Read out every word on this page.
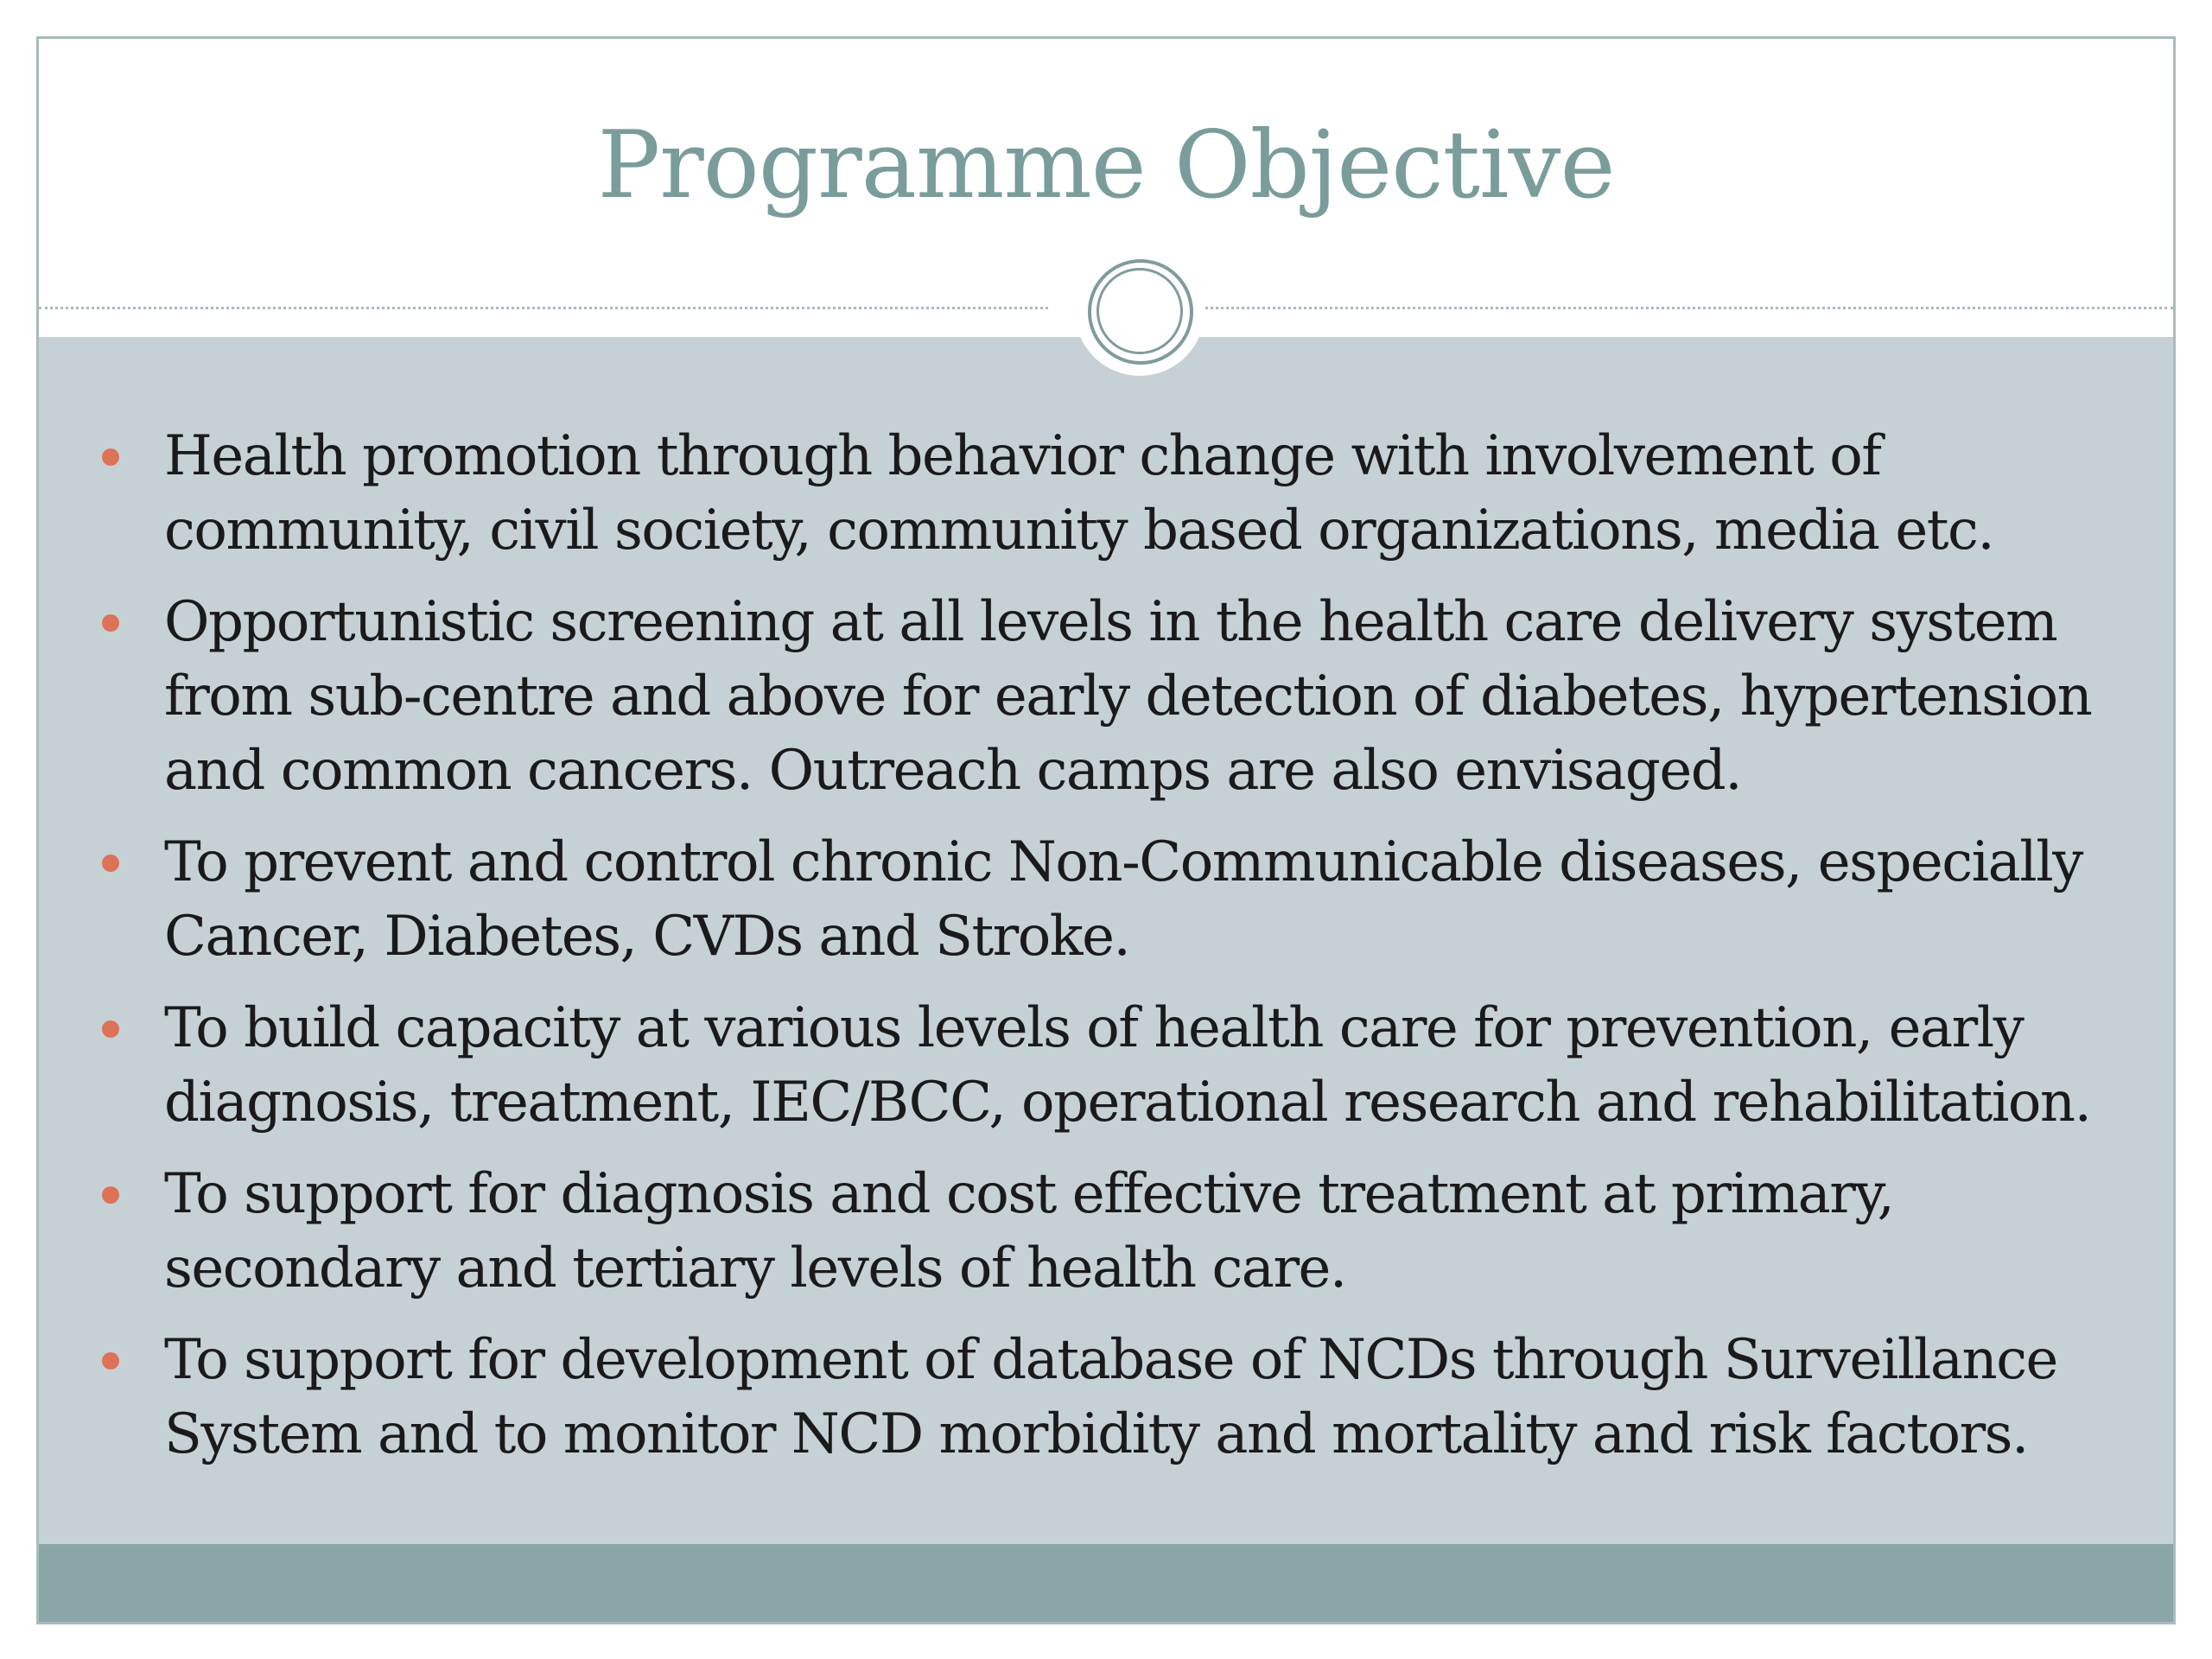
Programme Objective
Health promotion through behavior change with involvement of community, civil society, community based organizations, media etc.
Opportunistic screening at all levels in the health care delivery system from sub-centre and above for early detection of diabetes, hypertension and common cancers. Outreach camps are also envisaged.
To prevent and control chronic Non-Communicable diseases, especially Cancer, Diabetes, CVDs and Stroke.
To build capacity at various levels of health care for prevention, early diagnosis, treatment, IEC/BCC, operational research and rehabilitation.
To support for diagnosis and cost effective treatment at primary, secondary and tertiary levels of health care.
To support for development of database of NCDs through Surveillance System and to monitor NCD morbidity and mortality and risk factors.
